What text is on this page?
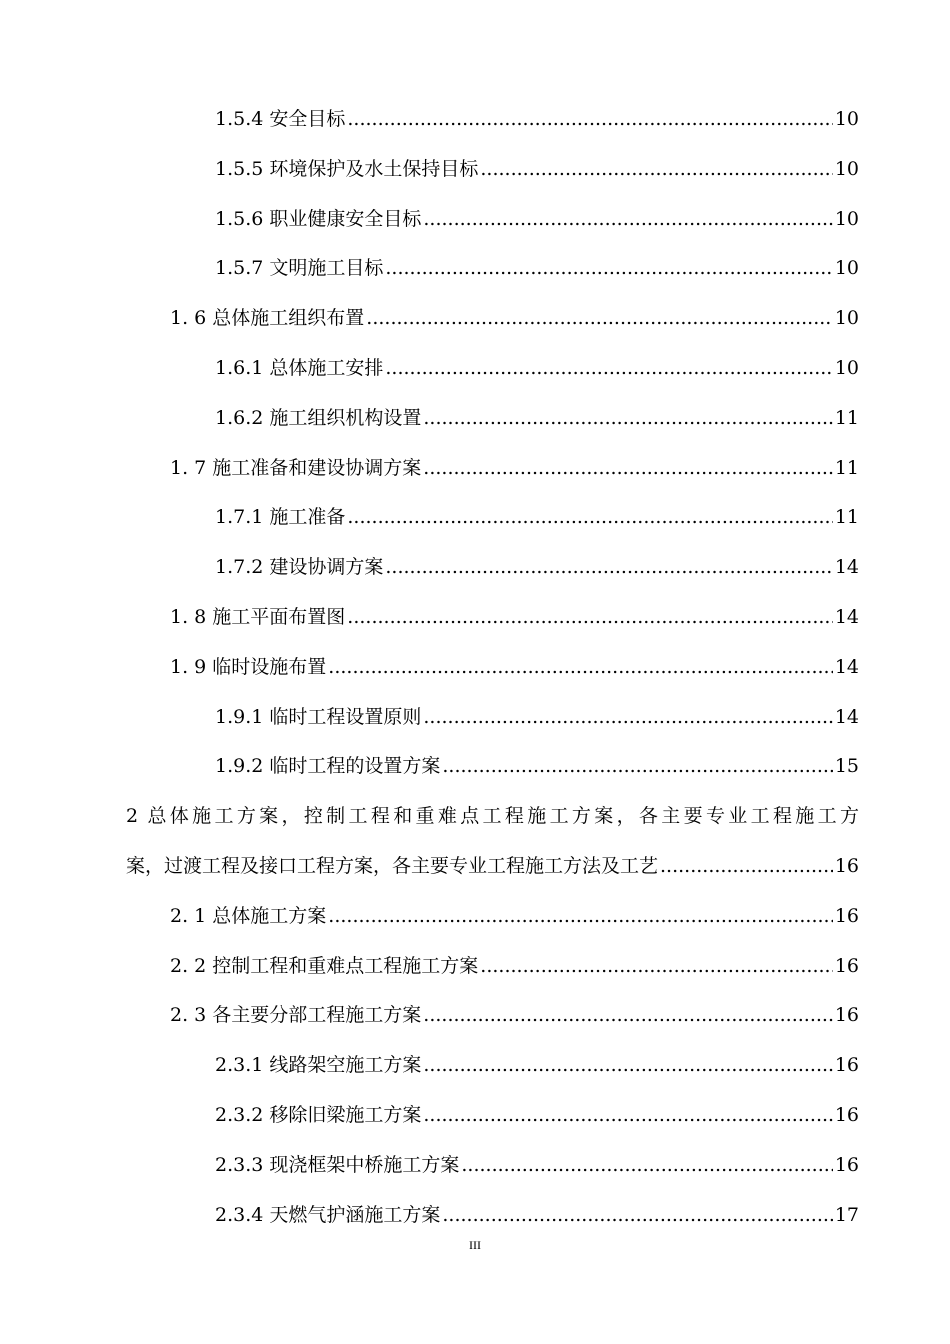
1.5.4 安全目标 .....	10
1.5.5 环境保护及水土保持目标 .....	10
1.5.6 职业健康安全目标 .....	10
1.5.7 文明施工目标 .....	10
1. 6 总体施工组织布置 .....	10
1.6.1 总体施工安排 .....	10
1.6.2 施工组织机构设置 .....	11
1. 7 施工准备和建设协调方案 .....	11
1.7.1 施工准备 .....	11
1.7.2 建设协调方案 .....	14
1. 8 施工平面布置图 .....	14
1. 9 临时设施布置 .....	14
1.9.1 临时工程设置原则 .....	14
1.9.2 临时工程的设置方案 .....	15
2 总体施工方案，控制工程和重难点工程施工方案，各主要专业工程施工方
案，过渡工程及接口工程方案，各主要专业工程施工方法及工艺 .....	16
2. 1 总体施工方案 .....	16
2. 2 控制工程和重难点工程施工方案 .....	16
2. 3 各主要分部工程施工方案 .....	16
2.3.1 线路架空施工方案 .....	16
2.3.2 移除旧梁施工方案 .....	16
2.3.3 现浇框架中桥施工方案 .....	16
2.3.4 天燃气护涵施工方案 .....	17
III
